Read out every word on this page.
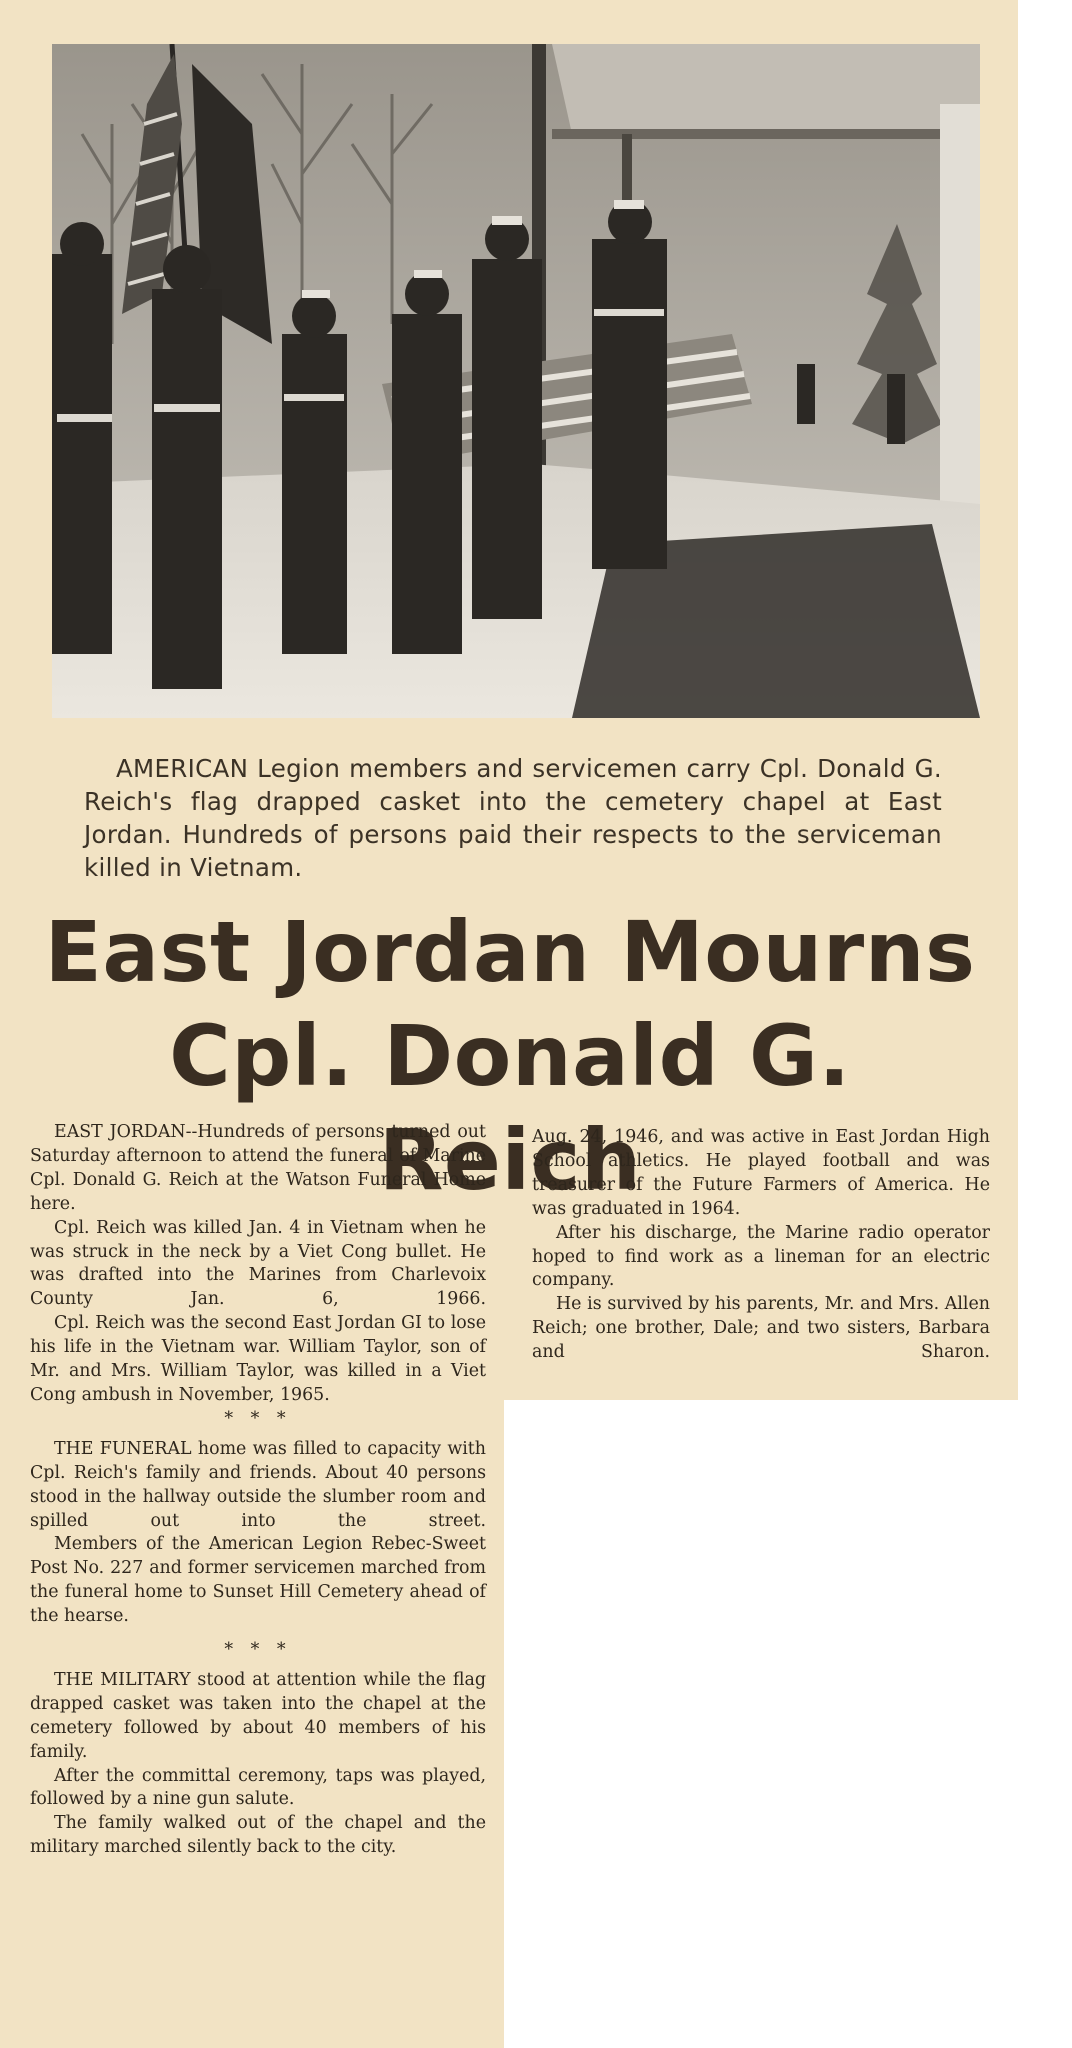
AMERICAN Legion members and servicemen carry Cpl. Donald G. Reich's flag drapped casket into the cemetery chapel at East Jordan. Hundreds of persons paid their respects to the serviceman killed in Vietnam.
East Jordan Mourns
Cpl. Donald G. Reich

EAST JORDAN--Hundreds of persons turned out Saturday afternoon to attend the funeral of Marine Cpl. Donald G. Reich at the Watson Funeral Home here.

Cpl. Reich was killed Jan. 4 in Vietnam when he was struck in the neck by a Viet Cong bullet. He was drafted into the Marines from Charlevoix County Jan. 6, 1966.

Cpl. Reich was the second East Jordan GI to lose his life in the Vietnam war. William Taylor, son of Mr. and Mrs. William Taylor, was killed in a Viet Cong ambush in November, 1965.

* * *

THE FUNERAL home was filled to capacity with Cpl. Reich's family and friends. About 40 persons stood in the hallway outside the slumber room and spilled out into the street.

Members of the American Legion Rebec-Sweet Post No. 227 and former servicemen marched from the funeral home to Sunset Hill Cemetery ahead of the hearse.

* * *

THE MILITARY stood at attention while the flag drapped casket was taken into the chapel at the cemetery followed by about 40 members of his family.

After the committal ceremony, taps was played, followed by a nine gun salute.

The family walked out of the chapel and the military marched silently back to the city.

Aug. 24, 1946, and was active in East Jordan High School athletics. He played football and was treasurer of the Future Farmers of America. He was graduated in 1964.

After his discharge, the Marine radio operator hoped to find work as a lineman for an electric company.

He is survived by his parents, Mr. and Mrs. Allen Reich; one brother, Dale; and two sisters, Barbara and Sharon.
